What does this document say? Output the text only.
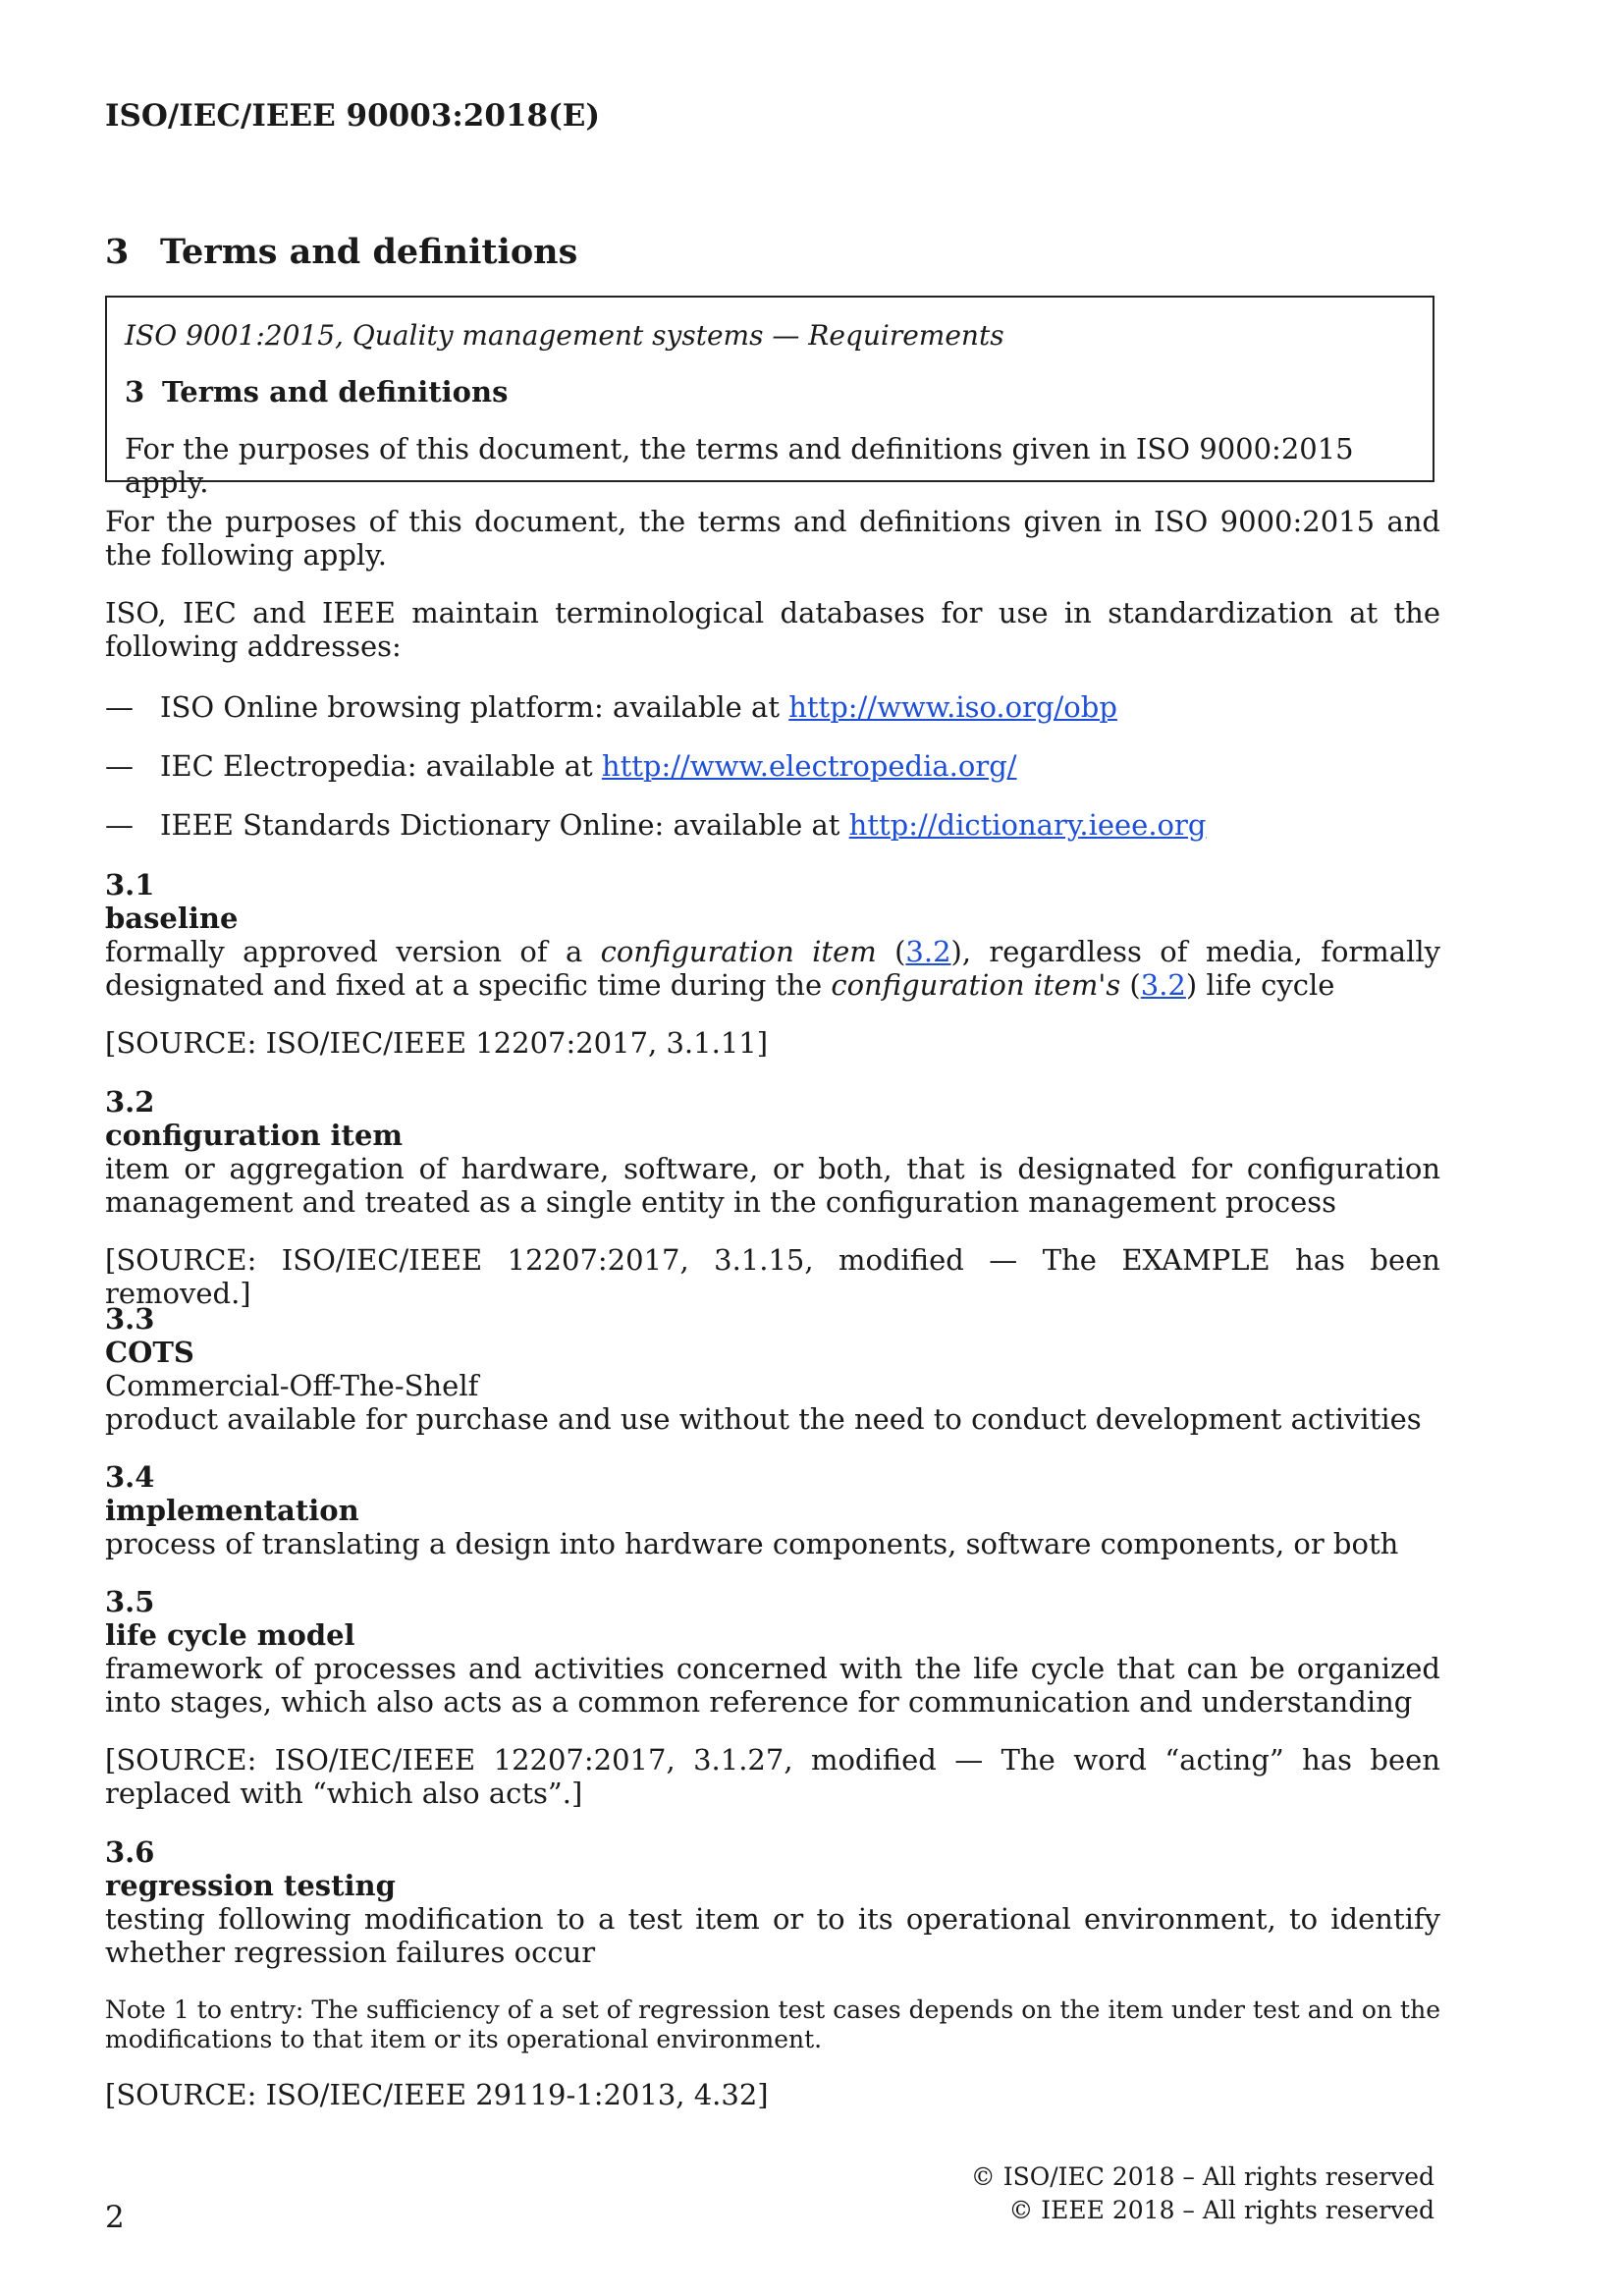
ISO/IEC/IEEE 90003:2018(E)
3 Terms and definitions

ISO 9001:2015, Quality management systems — Requirements

3 Terms and definitions

For the purposes of this document, the terms and definitions given in ISO 9000:2015 apply.

For the purposes of this document, the terms and definitions given in ISO 9000:2015 and the following apply.

ISO, IEC and IEEE maintain terminological databases for use in standardization at the following addresses:

— ISO Online browsing platform: available at http://www.iso.org/obp
— IEC Electropedia: available at http://www.electropedia.org/
— IEEE Standards Dictionary Online: available at http://dictionary.ieee.org

3.1

baseline

formally approved version of a configuration item (3.2), regardless of media, formally designated and fixed at a specific time during the configuration item's (3.2) life cycle

[SOURCE: ISO/IEC/IEEE 12207:2017, 3.1.11]

3.2

configuration item

item or aggregation of hardware, software, or both, that is designated for configuration management and treated as a single entity in the configuration management process

[SOURCE: ISO/IEC/IEEE 12207:2017, 3.1.15, modified — The EXAMPLE has been removed.]

3.3

COTS

Commercial-Off-The-Shelf

product available for purchase and use without the need to conduct development activities

3.4

implementation

process of translating a design into hardware components, software components, or both

3.5

life cycle model

framework of processes and activities concerned with the life cycle that can be organized into stages, which also acts as a common reference for communication and understanding

[SOURCE: ISO/IEC/IEEE 12207:2017, 3.1.27, modified — The word “acting” has been replaced with “which also acts”.]

3.6

regression testing

testing following modification to a test item or to its operational environment, to identify whether regression failures occur

Note 1 to entry: The sufficiency of a set of regression test cases depends on the item under test and on the modifications to that item or its operational environment.

[SOURCE: ISO/IEC/IEEE 29119-1:2013, 4.32]

© ISO/IEC 2018 – All rights reserved
© IEEE 2018 – All rights reserved
2
